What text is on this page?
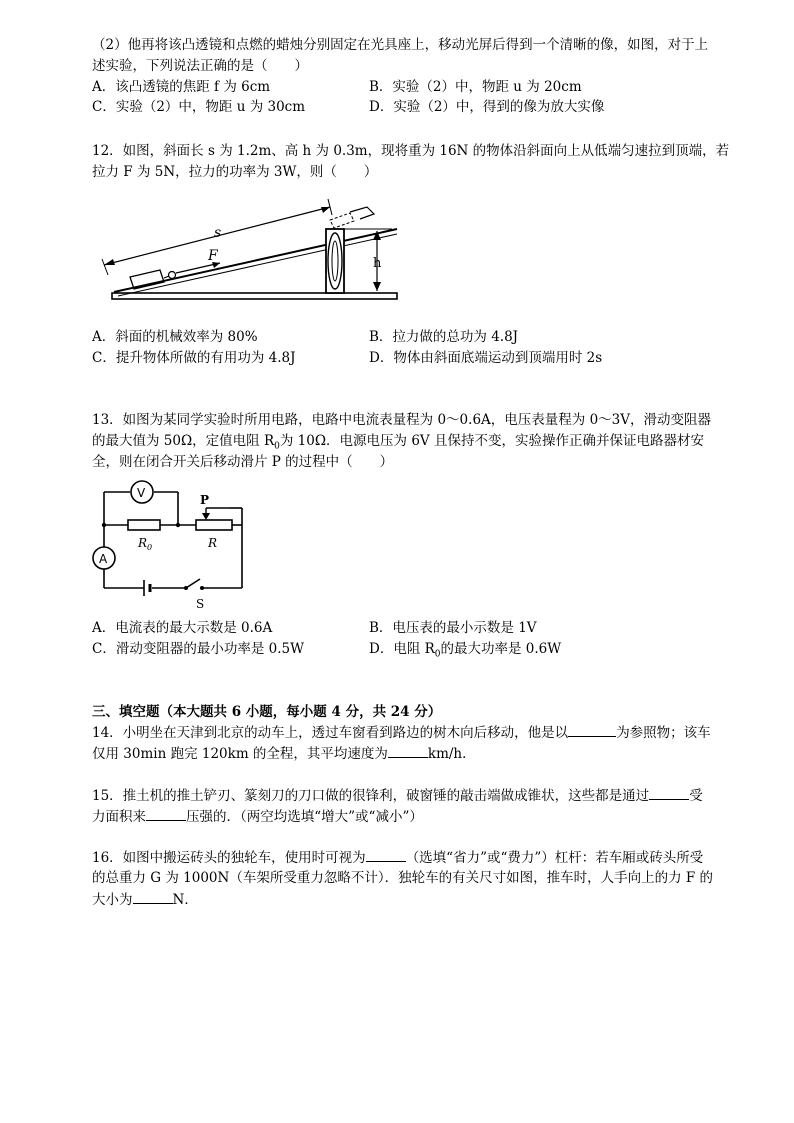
（2）他再将该凸透镜和点燃的蜡烛分别固定在光具座上，移动光屏后得到一个清晰的像，如图，对于上
述实验，下列说法正确的是（　　）
A．该凸透镜的焦距 f 为 6cm	B．实验（2）中，物距 u 为 20cm
C．实验（2）中，物距 u 为 30cm	D．实验（2）中，得到的像为放大实像
12．如图，斜面长 s 为 1.2m、高 h 为 0.3m，现将重为 16N 的物体沿斜面向上从低端匀速拉到顶端，若
拉力 F 为 5N，拉力的功率为 3W，则（　　）
F
s
h
A．斜面的机械效率为 80%	B．拉力做的总功为 4.8J
C．提升物体所做的有用功为 4.8J	D．物体由斜面底端运动到顶端用时 2s
13．如图为某同学实验时所用电路，电路中电流表量程为 0～0.6A，电压表量程为 0～3V，滑动变阻器
的最大值为 50Ω，定值电阻 $R_0$为 10Ω．电源电压为 6V 且保持不变，实验操作正确并保证电路器材安
全，则在闭合开关后移动滑片 P 的过程中（　　）
V
A
P
$R_0$	R
S
A．电流表的最大示数是 0.6A	B．电压表的最小示数是 1V
C．滑动变阻器的最小功率是 0.5W	D．电阻 $R_0$的最大功率是 0.6W
三、填空题（本大题共 6 小题，每小题 4 分，共 24 分）
14．小明坐在天津到北京的动车上，透过车窗看到路边的树木向后移动，他是以	为参照物；该车
仅用 30min 跑完 120km 的全程，其平均速度为	km/h．
15．推土机的推土铲刃、篆刻刀的刀口做的很锋利，破窗锤的敲击端做成锥状，这些都是通过	受
力面积来	压强的．（两空均选填“增大”或“减小”）
16．如图中搬运砖头的独轮车，使用时可视为	（选填“省力”或“费力”）杠杆：若车厢或砖头所受
的总重力 G 为 1000N（车架所受重力忽略不计）．独轮车的有关尺寸如图，推车时，人手向上的力 F 的
大小为	N．
